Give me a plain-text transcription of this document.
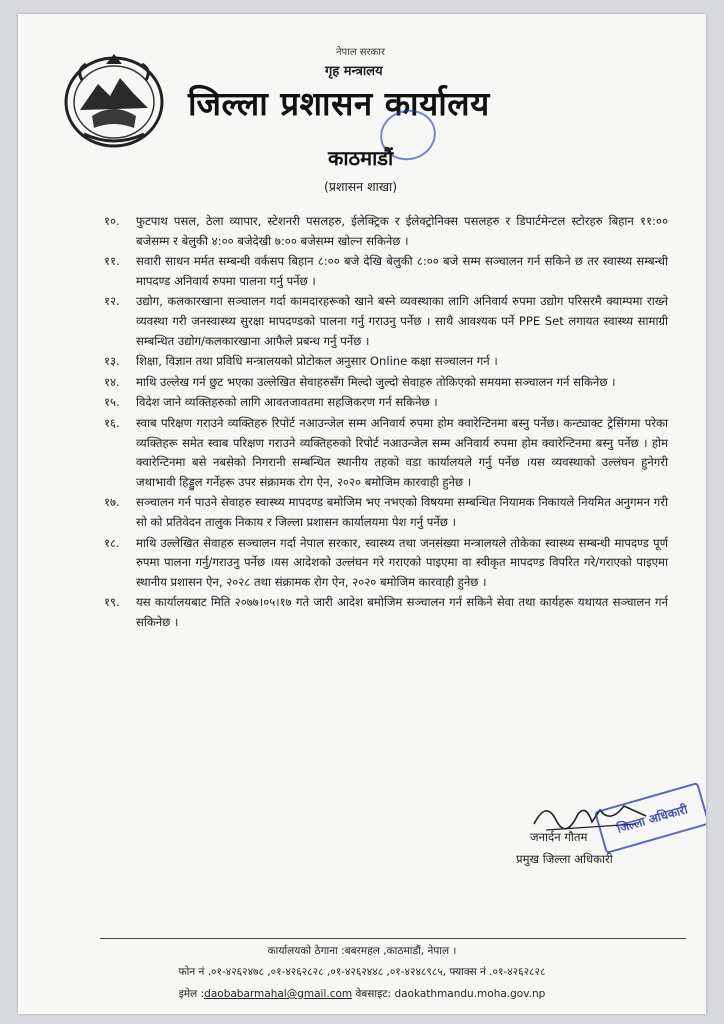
नेपाल सरकार
गृह मन्त्रालय
जिल्ला प्रशासन कार्यालय
काठमाडौं
(प्रशासन शाखा)
१०. फुटपाथ पसल, ठेला व्यापार, स्टेशनरी पसलहरु, ईलेक्ट्रिक र ईलेक्ट्रोनिक्स पसलहरु र डिपार्टमेन्टल स्टोरहरु बिहान ११:०० बजेसम्म र बेलुकी ४:०० बजेदेखी ७:०० बजेसम्म खोल्न सकिनेछ ।
११. सवारी साधन मर्मत सम्बन्धी वर्कसप बिहान ८:०० बजे देखि बेलुकी ८:०० बजे सम्म सञ्चालन गर्न सकिने छ तर स्वास्थ्य सम्बन्धी मापदण्ड अनिवार्य रुपमा पालना गर्नु पर्नेछ ।
१२. उद्योग, कलकारखाना सञ्चालन गर्दा कामदारहरूको खाने बस्ने व्यवस्थाका लागि अनिवार्य रुपमा उद्योग परिसरमै क्याम्पमा राख्ने व्यवस्था गरी जनस्वास्थ्य सुरक्षा मापदण्डको पालना गर्नु गराउनु पर्नेछ । साथै आवश्यक पर्ने PPE Set लगायत स्वास्थ्य सामाग्री सम्बन्धित उद्योग/कलकारखाना आफैले प्रबन्ध गर्नु पर्नेछ ।
१३. शिक्षा, विज्ञान तथा प्रविधि मन्त्रालयको प्रोटोकल अनुसार Online कक्षा सञ्चालन गर्न ।
१४. माथि उल्लेख गर्न छुट भएका उल्लेखित सेवाहरुसँग मिल्दो जुल्दो सेवाहरु तोकिएको समयमा सञ्चालन गर्न सकिनेछ ।
१५. विदेश जाने व्यक्तिहरुको लागि आवतजावतमा सहजिकरण गर्न सकिनेछ ।
१६. स्वाब परिक्षण गराउने व्यक्तिहरु रिपोर्ट नआउन्जेल सम्म अनिवार्य रुपमा होम क्वारेन्टिनमा बस्नु पर्नेछ। कन्ट्याक्ट ट्रेसिंगमा परेका व्यक्तिहरू समेत स्वाब परिक्षण गराउने व्यक्तिहरुको रिपोर्ट नआउन्जेल सम्म अनिवार्य रुपमा होम क्वारेन्टिनमा बस्नु पर्नेछ । होम क्वारेन्टिनमा बसे नबसेको निगरानी सम्बन्धित स्थानीय तहको वडा कार्यालयले गर्नु पर्नेछ ।यस व्यवस्थाको उल्लंघन हुनेगरी जथाभावी हिड्डुल गर्नेहरू उपर संक्रामक रोग ऐन, २०२० बमोजिम कारवाही हुनेछ ।
१७. सञ्चालन गर्न पाउने सेवाहरु स्वास्थ्य मापदण्ड बमोजिम भए नभएको विषयमा सम्बन्धित नियामक निकायले नियमित अनुगमन गरी सो को प्रतिवेदन तालुक निकाय र जिल्ला प्रशासन कार्यालयमा पेश गर्नु पर्नेछ ।
१८. माथि उल्लेखित सेवाहरु सञ्चालन गर्दा नेपाल सरकार, स्वास्थ्य तथा जनसंख्या मन्त्रालयले तोकेका स्वास्थ्य सम्बन्धी मापदण्ड पूर्ण रुपमा पालना गर्नु/गराउनु पर्नेछ ।यस आदेशको उल्लंघन गरे गराएको पाइएमा वा स्वीकृत मापदण्ड विपरित गरे/गराएको पाइएमा स्थानीय प्रशासन ऐन, २०२८ तथा संक्रामक रोग ऐन, २०२० बमोजिम कारवाही हुनेछ ।
१९. यस कार्यालयबाट मिति २०७७।०५।१७ गते जारी आदेश बमोजिम सञ्चालन गर्न सकिने सेवा तथा कार्यहरू यथायत सञ्चालन गर्न सकिनेछ ।
जिल्ला अधिकारी
जनार्दन गौतम
प्रमुख जिल्ला अधिकारी
कार्यालयको ठेगाना :बबरमहल ,काठमाडौं, नेपाल ।
फोन नं .०१-४२६२४७८ ,०१-४२६२८२८ ,०१-४२६२४४८ ,०१-४२४८९८५, फ्याक्स नं .०१-४२६२८२८
इमेल :daobabarmahal@gmail.com वेबसाइट: daokathmandu.moha.gov.np
